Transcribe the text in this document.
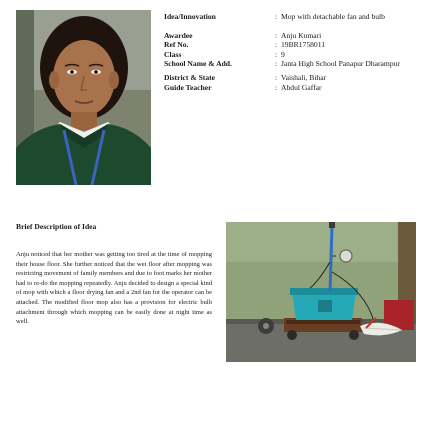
Idea/Innovation	: Mop with detachable fan and bulb
Awardee	: Anju Kumari
Ref No.	: 19BR1758011
Class	: 9
School Name & Add.	: Janta High School Panapur Dharampur
District & State	: Vaishali, Bihar
Guide Teacher	: Abdul Gaffar
Brief Description of Idea
Anju noticed that her mother was getting too tired at the time of mopping their house floor. She further noticed that the wet floor after mopping was restricting movement of family members and due to foot marks her mother had to re-do the mopping repeatedly. Anju decided to design a special kind of mop with which a floor drying fan and a 2nd fan for the operator can be attached. The modified floor mop also has a provision for electric bulb attachment through which mopping can be easily done at night time as well.
